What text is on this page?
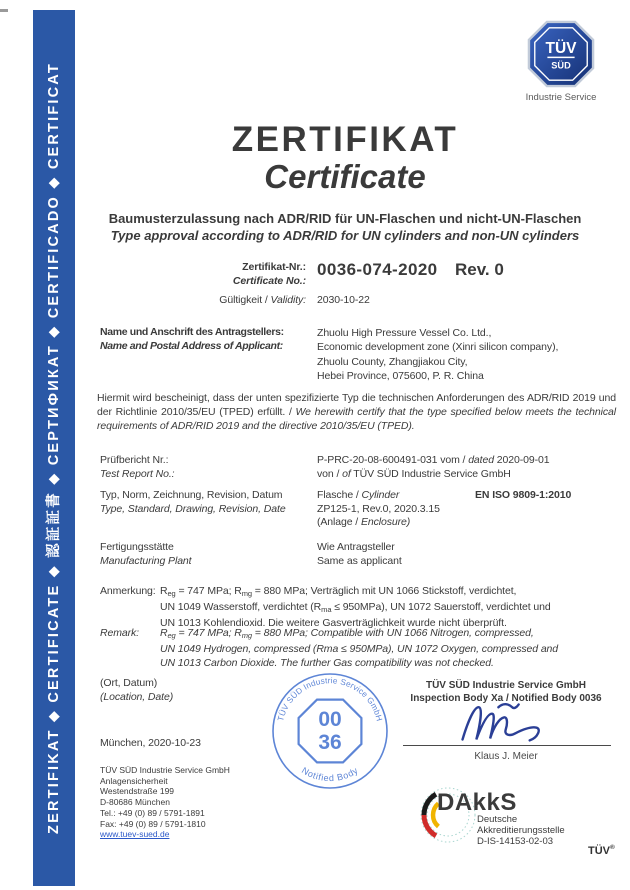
ZERTIFIKAT ◆ CERTIFICATE ◆ 認証証書 ◆ СЕРТИФИКАТ ◆ CERTIFICADO ◆ CERTIFICAT
TÜV
SÜD
Industrie Service
ZERTIFIKAT
Certificate
Baumusterzulassung nach ADR/RID für UN-Flaschen und nicht-UN-Flaschen
Type approval according to ADR/RID for UN cylinders and non-UN cylinders
Zertifikat-Nr.:
Certificate No.:
0036-074-2020 Rev. 0
Gültigkeit / Validity: 2030-10-22
Name und Anschrift des Antragstellers:
Name and Postal Address of Applicant:
Zhuolu High Pressure Vessel Co. Ltd.,
Economic development zone (Xinri silicon company),
Zhuolu County, Zhangjiakou City,
Hebei Province, 075600, P. R. China

Hiermit wird bescheinigt, dass der unten spezifizierte Typ die technischen Anforderungen des ADR/RID 2019 und der Richtlinie 2010/35/EU (TPED) erfüllt. / We herewith certify that the type specified below meets the technical requirements of ADR/RID 2019 and the directive 2010/35/EU (TPED).

Prüfbericht Nr.:
Test Report No.:
P-PRC-20-08-600491-031 vom / dated 2020-09-01
von / of TÜV SÜD Industrie Service GmbH
Typ, Norm, Zeichnung, Revision, Datum
Type, Standard, Drawing, Revision, Date
Flasche / Cylinder
ZP125-1, Rev.0, 2020.3.15
(Anlage / Enclosure)
EN ISO 9809-1:2010
Fertigungsstätte
Manufacturing Plant
Wie Antragsteller
Same as applicant
Anmerkung: Reg = 747 MPa; Rmg = 880 MPa; Verträglich mit UN 1066 Stickstoff, verdichtet,
UN 1049 Wasserstoff, verdichtet (Rma ≤ 950MPa), UN 1072 Sauerstoff, verdichtet und
UN 1013 Kohlendioxid. Die weitere Gasverträglichkeit wurde nicht überprüft.
Remark: Reg = 747 MPa; Rmg = 880 MPa; Compatible with UN 1066 Nitrogen, compressed,
UN 1049 Hydrogen, compressed (Rma ≤ 950MPa), UN 1072 Oxygen, compressed and
UN 1013 Carbon Dioxide. The further Gas compatibility was not checked.
(Ort, Datum)
(Location, Date)
München, 2020-10-23
TÜV SÜD Industrie Service GmbH
Notified Body
00
36
TÜV SÜD Industrie Service GmbH
Inspection Body Xa / Notified Body 0036
Klaus J. Meier
TÜV SÜD Industrie Service GmbH
Anlagensicherheit
Westendstraße 199
D-80686 München
Tel.: +49 (0) 89 / 5791-1891
Fax: +49 (0) 89 / 5791-1810
www.tuev-sued.de
DAkkS
Deutsche
Akkreditierungsstelle
D-IS-14153-02-03
TÜV®
